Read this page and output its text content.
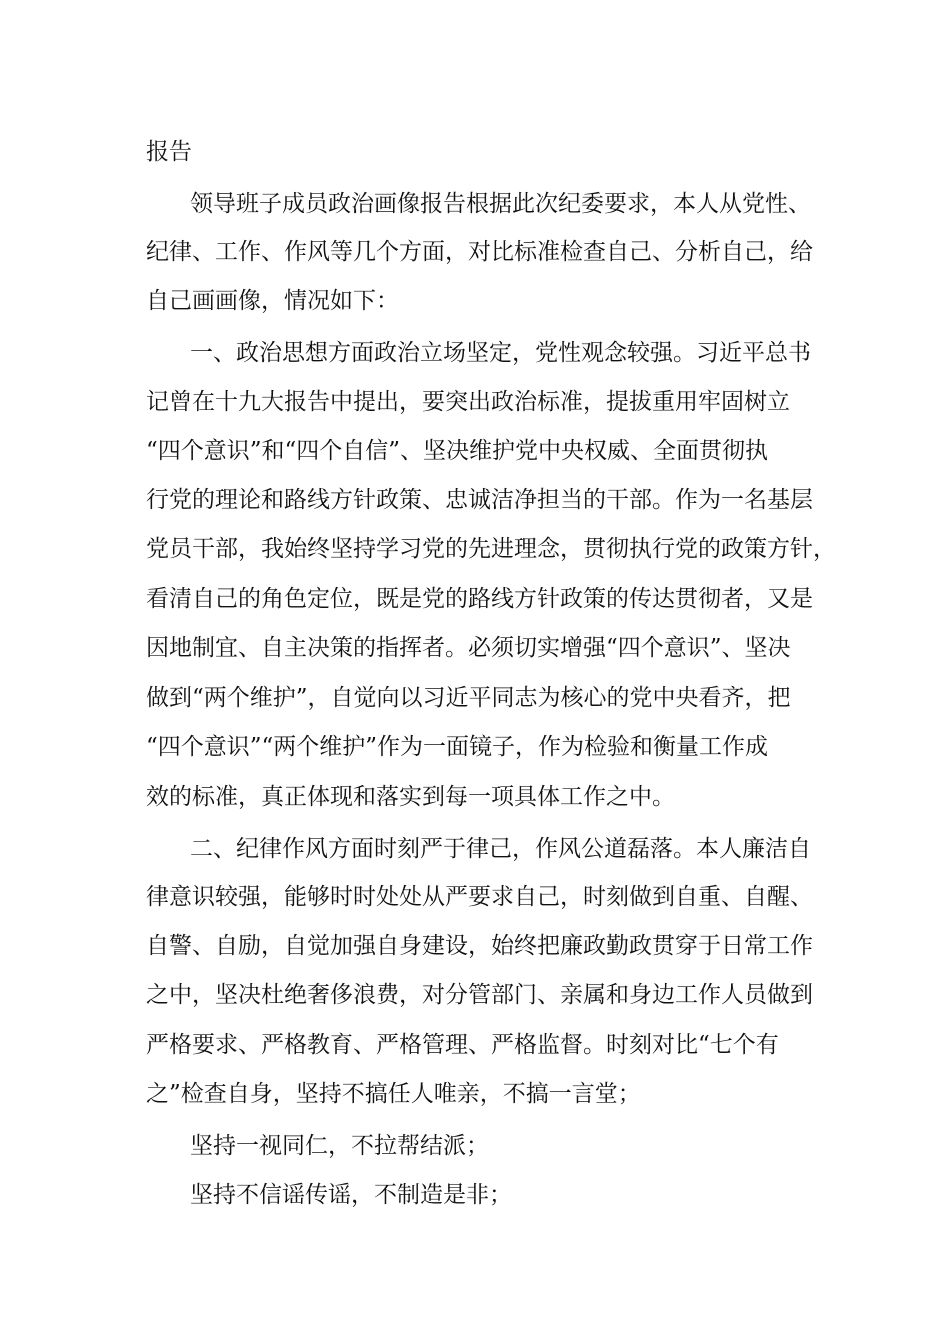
报告
领导班子成员政治画像报告根据此次纪委要求，本人从党性、
纪律、工作、作风等几个方面，对比标准检查自己、分析自己，给
自己画画像，情况如下：
一、政治思想方面政治立场坚定，党性观念较强。习近平总书
记曾在十九大报告中提出，要突出政治标准，提拔重用牢固树立
“四个意识”和“四个自信”、坚决维护党中央权威、全面贯彻执
行党的理论和路线方针政策、忠诚洁净担当的干部。作为一名基层
党员干部，我始终坚持学习党的先进理念，贯彻执行党的政策方针，
看清自己的角色定位，既是党的路线方针政策的传达贯彻者，又是
因地制宜、自主决策的指挥者。必须切实增强“四个意识”、坚决
做到“两个维护”，自觉向以习近平同志为核心的党中央看齐，把
“四个意识”“两个维护”作为一面镜子，作为检验和衡量工作成
效的标准，真正体现和落实到每一项具体工作之中。
二、纪律作风方面时刻严于律己，作风公道磊落。本人廉洁自
律意识较强，能够时时处处从严要求自己，时刻做到自重、自醒、
自警、自励，自觉加强自身建设，始终把廉政勤政贯穿于日常工作
之中，坚决杜绝奢侈浪费，对分管部门、亲属和身边工作人员做到
严格要求、严格教育、严格管理、严格监督。时刻对比“七个有
之”检查自身，坚持不搞任人唯亲，不搞一言堂；
坚持一视同仁，不拉帮结派；
坚持不信谣传谣，不制造是非；
